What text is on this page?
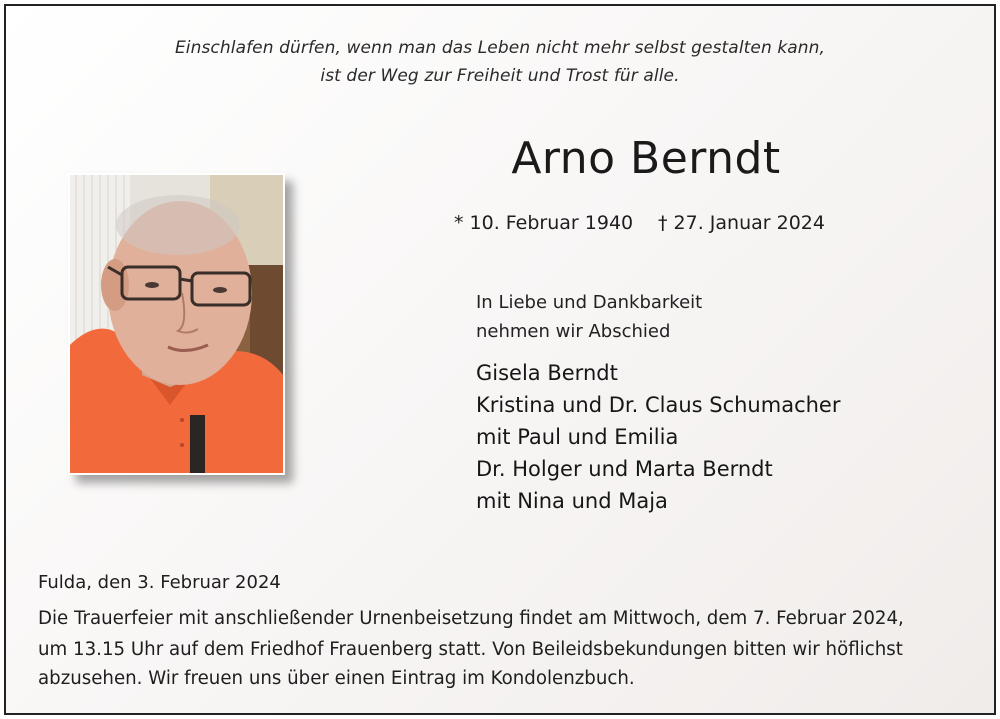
Einschlafen dürfen, wenn man das Leben nicht mehr selbst gestalten kann,
ist der Weg zur Freiheit und Trost für alle.
Arno Berndt
* 10. Februar 1940 † 27. Januar 2024
In Liebe und Dankbarkeit
nehmen wir Abschied
Gisela Berndt
Kristina und Dr. Claus Schumacher
mit Paul und Emilia
Dr. Holger und Marta Berndt
mit Nina und Maja
Fulda, den 3. Februar 2024
Die Trauerfeier mit anschließender Urnenbeisetzung findet am Mittwoch, dem 7. Februar 2024,
um 13.15 Uhr auf dem Friedhof Frauenberg statt. Von Beileidsbekundungen bitten wir höflichst
abzusehen. Wir freuen uns über einen Eintrag im Kondolenzbuch.
